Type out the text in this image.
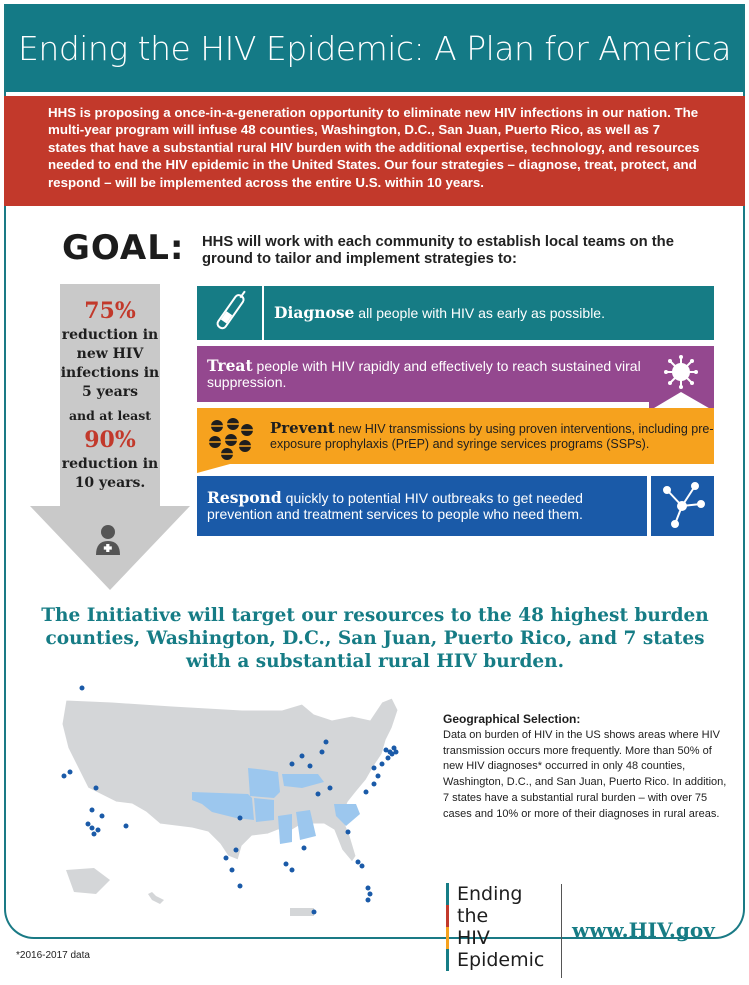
Ending the HIV Epidemic: A Plan for America
HHS is proposing a once-in-a-generation opportunity to eliminate new HIV infections in our nation. The multi-year program will infuse 48 counties, Washington, D.C., San Juan, Puerto Rico, as well as 7 states that have a substantial rural HIV burden with the additional expertise, technology, and resources needed to end the HIV epidemic in the United States. Our four strategies – diagnose, treat, protect, and respond – will be implemented across the entire U.S. within 10 years.
GOAL: HHS will work with each community to establish local teams on the ground to tailor and implement strategies to:
75%
reduction in new HIV infections in 5 years
and at least
90%
reduction in 10 years.
Diagnose all people with HIV as early as possible.
Treat people with HIV rapidly and effectively to reach sustained viral suppression.
Prevent new HIV transmissions by using proven interventions, including pre-exposure prophylaxis (PrEP) and syringe services programs (SSPs).
Respond quickly to potential HIV outbreaks to get needed prevention and treatment services to people who need them.
The Initiative will target our resources to the 48 highest burden counties, Washington, D.C., San Juan, Puerto Rico, and 7 states with a substantial rural HIV burden.
Geographical Selection:

Data on burden of HIV in the US shows areas where HIV transmission occurs more frequently. More than 50% of new HIV diagnoses* occurred in only 48 counties, Washington, D.C., and San Juan, Puerto Rico. In addition, 7 states have a substantial rural burden – with over 75 cases and 10% or more of their diagnoses in rural areas.

Ending
the
HIV
Epidemic
www.HIV.gov
*2016-2017 data
